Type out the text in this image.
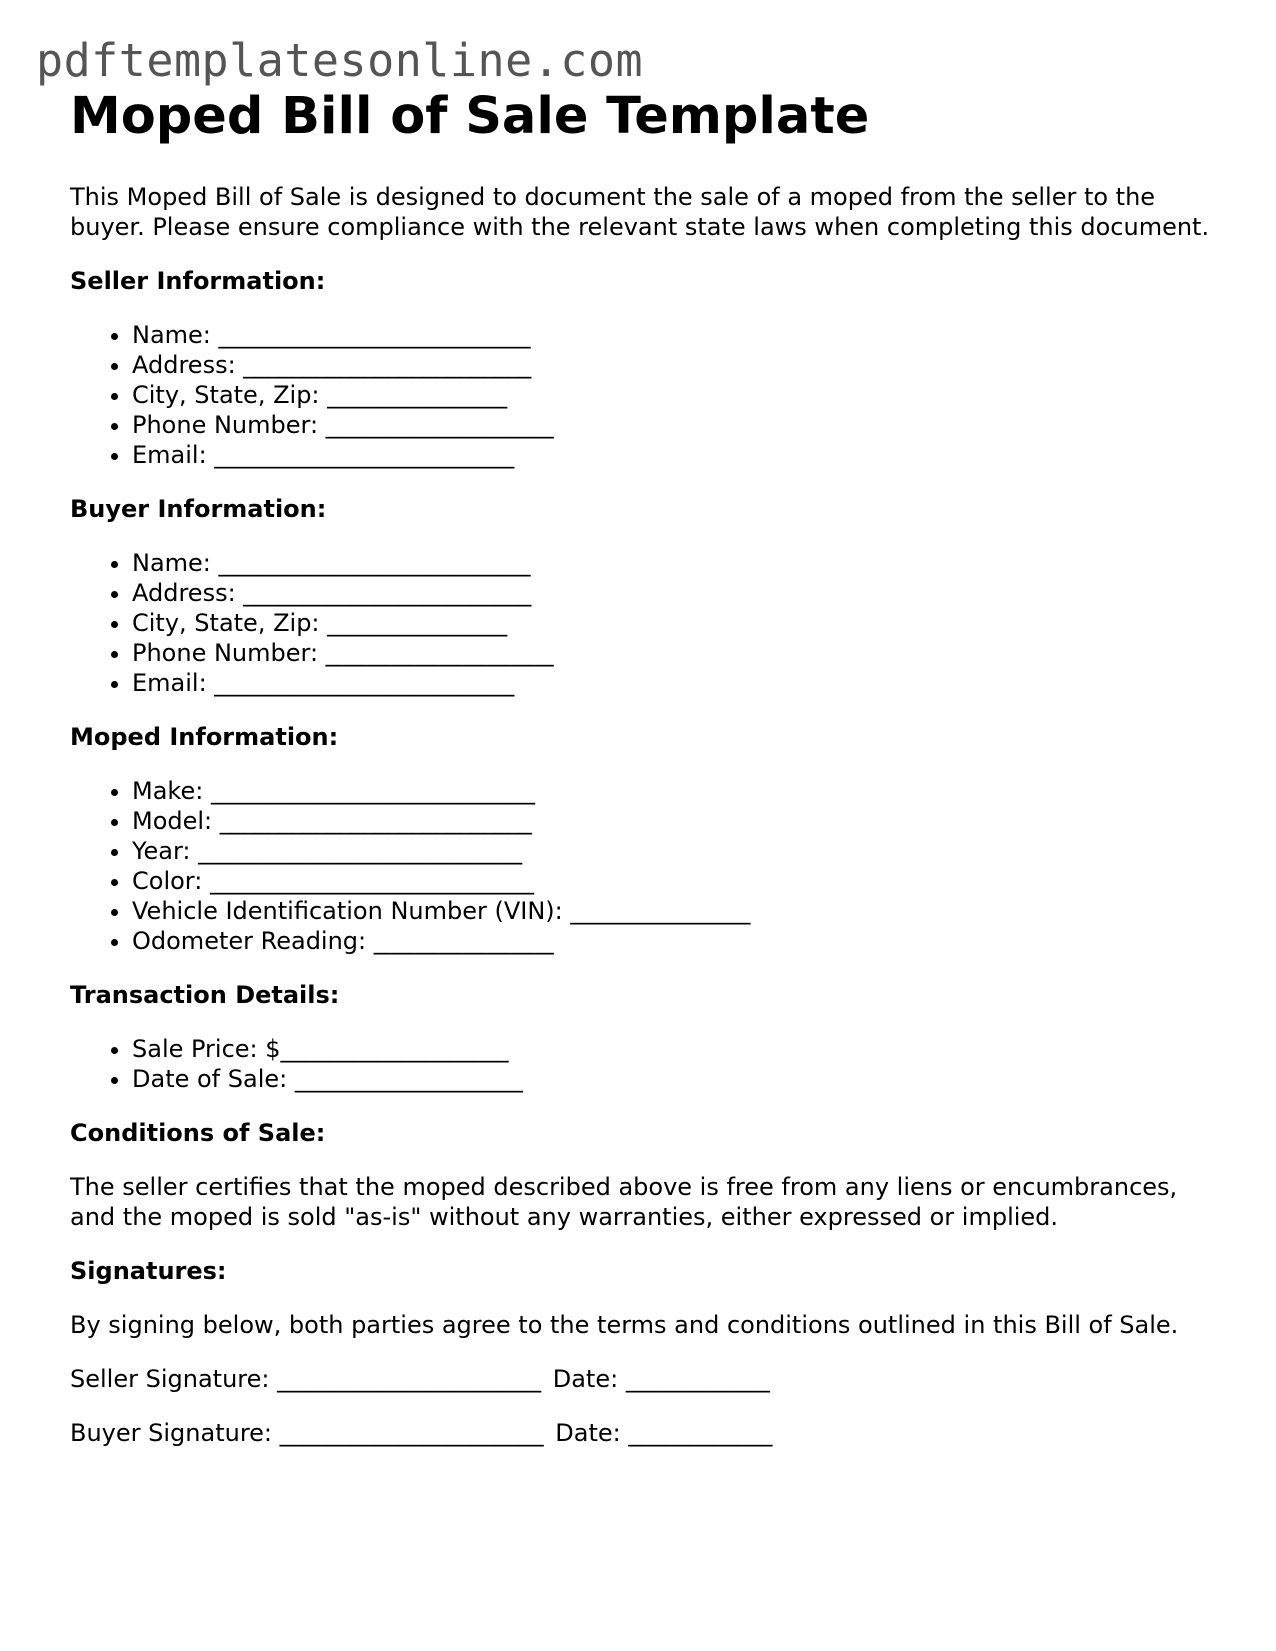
pdftemplatesonline.com
Moped Bill of Sale Template

This Moped Bill of Sale is designed to document the sale of a moped from the seller to the buyer. Please ensure compliance with the relevant state laws when completing this document.

Seller Information:
• Name: __________________________
• Address: ________________________
• City, State, Zip: _______________
• Phone Number: ___________________
• Email: _________________________
Buyer Information:
• Name: __________________________
• Address: ________________________
• City, State, Zip: _______________
• Phone Number: ___________________
• Email: _________________________
Moped Information:
• Make: ___________________________
• Model: __________________________
• Year: ___________________________
• Color: ___________________________
• Vehicle Identification Number (VIN): _______________
• Odometer Reading: _______________
Transaction Details:
• Sale Price: $___________________
• Date of Sale: ___________________
Conditions of Sale:

The seller certifies that the moped described above is free from any liens or encumbrances, and the moped is sold "as-is" without any warranties, either expressed or implied.

Signatures:

By signing below, both parties agree to the terms and conditions outlined in this Bill of Sale.

Seller Signature: ______________________ Date: ____________
Buyer Signature: ______________________ Date: ____________
